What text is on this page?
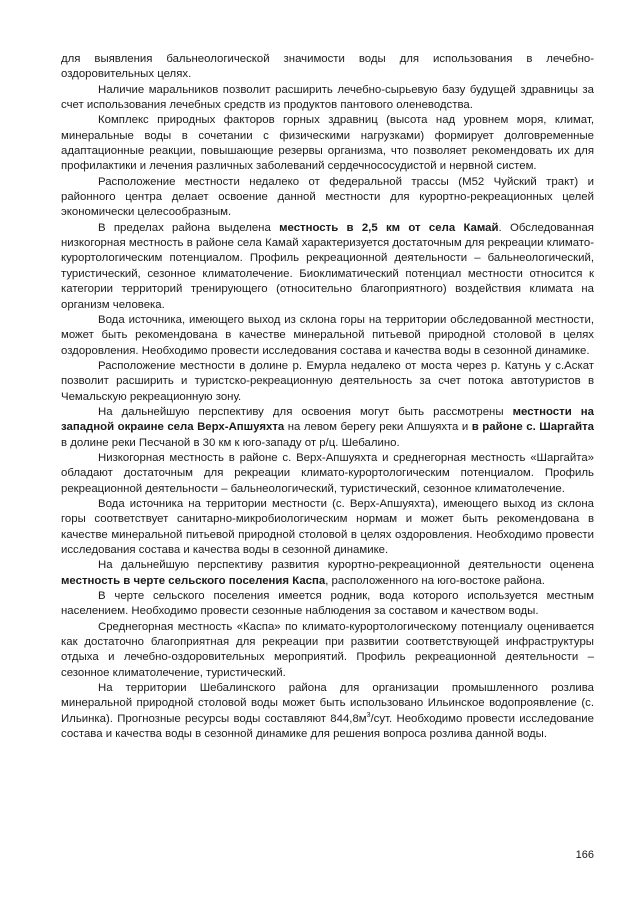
для выявления бальнеологической значимости воды для использования в лечебно-оздоровительных целях.

Наличие маральников позволит расширить лечебно-сырьевую базу будущей здравницы за счет использования лечебных средств из продуктов пантового оленеводства.

Комплекс природных факторов горных здравниц (высота над уровнем моря, климат, минеральные воды в сочетании с физическими нагрузками) формирует долговременные адаптационные реакции, повышающие резервы организма, что позволяет рекомендовать их для профилактики и лечения различных заболеваний сердечнососудистой и нервной систем.

Расположение местности недалеко от федеральной трассы (М52 Чуйский тракт) и районного центра делает освоение данной местности для курортно-рекреационных целей экономически целесообразным.

В пределах района выделена местность в 2,5 км от села Камай. Обследованная низкогорная местность в районе села Камай характеризуется достаточным для рекреации климато-курортологическим потенциалом. Профиль рекреационной деятельности – бальнеологический, туристический, сезонное климатолечение. Биоклиматический потенциал местности относится к категории территорий тренирующего (относительно благоприятного) воздействия климата на организм человека.

Вода источника, имеющего выход из склона горы на территории обследованной местности, может быть рекомендована в качестве минеральной питьевой природной столовой в целях оздоровления. Необходимо провести исследования состава и качества воды в сезонной динамике.

Расположение местности в долине р. Емурла недалеко от моста через р. Катунь у с.Аскат позволит расширить и туристско-рекреационную деятельность за счет потока автотуристов в Чемальскую рекреационную зону.

На дальнейшую перспективу для освоения могут быть рассмотрены местности на западной окраине села Верх-Апшуяхта на левом берегу реки Апшуяхта и в районе с. Шаргайта в долине реки Песчаной в 30 км к юго-западу от р/ц. Шебалино.

Низкогорная местность в районе с. Верх-Апшуяхта и среднегорная местность «Шаргайта» обладают достаточным для рекреации климато-курортологическим потенциалом. Профиль рекреационной деятельности – бальнеологический, туристический, сезонное климатолечение.

Вода источника на территории местности (с. Верх-Апшуяхта), имеющего выход из склона горы соответствует санитарно-микробиологическим нормам и может быть рекомендована в качестве минеральной питьевой природной столовой в целях оздоровления. Необходимо провести исследования состава и качества воды в сезонной динамике.

На дальнейшую перспективу развития курортно-рекреационной деятельности оценена местность в черте сельского поселения Каспа, расположенного на юго-востоке района.

В черте сельского поселения имеется родник, вода которого используется местным населением. Необходимо провести сезонные наблюдения за составом и качеством воды.

Среднегорная местность «Каспа» по климато-курортологическому потенциалу оценивается как достаточно благоприятная для рекреации при развитии соответствующей инфраструктуры отдыха и лечебно-оздоровительных мероприятий. Профиль рекреационной деятельности – сезонное климатолечение, туристический.

На территории Шебалинского района для организации промышленного розлива минеральной природной столовой воды может быть использовано Ильинское водопроявление (с. Ильинка). Прогнозные ресурсы воды составляют $844,8м^3$/сут. Необходимо провести исследование состава и качества воды в сезонной динамике для решения вопроса розлива данной воды.

166
